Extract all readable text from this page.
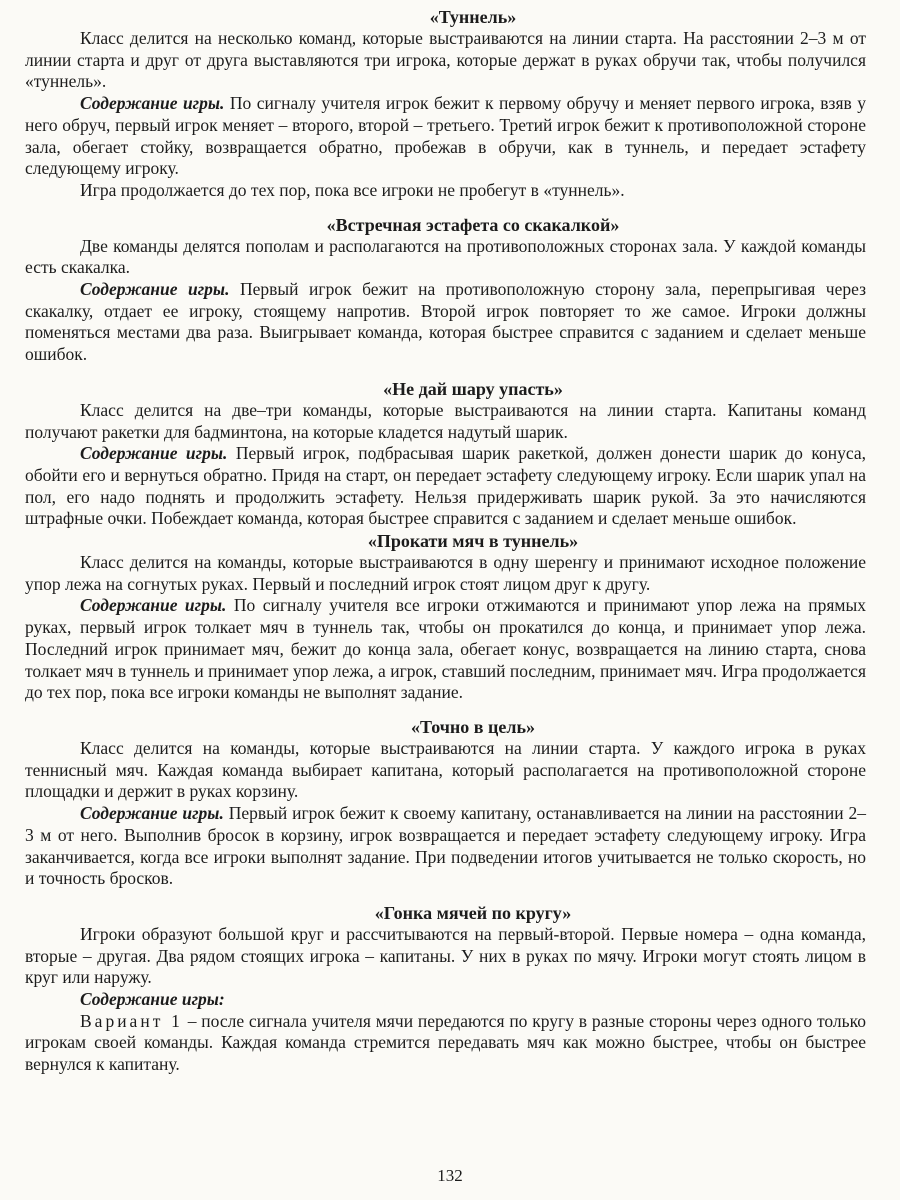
«Туннель»

Класс делится на несколько команд, которые выстраиваются на линии старта. На расстоянии 2–3 м от линии старта и друг от друга выставляются три игрока, которые держат в руках обручи так, чтобы получился «туннель».

Содержание игры. По сигналу учителя игрок бежит к первому обручу и меняет первого игрока, взяв у него обруч, первый игрок меняет – второго, второй – третьего. Третий игрок бежит к противоположной стороне зала, обегает стойку, возвращается обратно, пробежав в обручи, как в туннель, и передает эстафету следующему игроку.

Игра продолжается до тех пор, пока все игроки не пробегут в «туннель».

«Встречная эстафета со скакалкой»

Две команды делятся пополам и располагаются на противоположных сторонах зала. У каждой команды есть скакалка.

Содержание игры. Первый игрок бежит на противоположную сторону зала, перепрыгивая через скакалку, отдает ее игроку, стоящему напротив. Второй игрок повторяет то же самое. Игроки должны поменяться местами два раза. Выигрывает команда, которая быстрее справится с заданием и сделает меньше ошибок.

«Не дай шару упасть»

Класс делится на две–три команды, которые выстраиваются на линии старта. Капитаны команд получают ракетки для бадминтона, на которые кладется надутый шарик.

Содержание игры. Первый игрок, подбрасывая шарик ракеткой, должен донести шарик до конуса, обойти его и вернуться обратно. Придя на старт, он передает эстафету следующему игроку. Если шарик упал на пол, его надо поднять и продолжить эстафету. Нельзя придерживать шарик рукой. За это начисляются штрафные очки. Побеждает команда, которая быстрее справится с заданием и сделает меньше ошибок.

«Прокати мяч в туннель»

Класс делится на команды, которые выстраиваются в одну шеренгу и принимают исходное положение упор лежа на согнутых руках. Первый и последний игрок стоят лицом друг к другу.

Содержание игры. По сигналу учителя все игроки отжимаются и принимают упор лежа на прямых руках, первый игрок толкает мяч в туннель так, чтобы он прокатился до конца, и принимает упор лежа. Последний игрок принимает мяч, бежит до конца зала, обегает конус, возвращается на линию старта, снова толкает мяч в туннель и принимает упор лежа, а игрок, ставший последним, принимает мяч. Игра продолжается до тех пор, пока все игроки команды не выполнят задание.

«Точно в цель»

Класс делится на команды, которые выстраиваются на линии старта. У каждого игрока в руках теннисный мяч. Каждая команда выбирает капитана, который располагается на противоположной стороне площадки и держит в руках корзину.

Содержание игры. Первый игрок бежит к своему капитану, останавливается на линии на расстоянии 2–3 м от него. Выполнив бросок в корзину, игрок возвращается и передает эстафету следующему игроку. Игра заканчивается, когда все игроки выполнят задание. При подведении итогов учитывается не только скорость, но и точность бросков.

«Гонка мячей по кругу»

Игроки образуют большой круг и рассчитываются на первый-второй. Первые номера – одна команда, вторые – другая. Два рядом стоящих игрока – капитаны. У них в руках по мячу. Игроки могут стоять лицом в круг или наружу.

Содержание игры:

Вариант 1 – после сигнала учителя мячи передаются по кругу в разные стороны через одного только игрокам своей команды. Каждая команда стремится передавать мяч как можно быстрее, чтобы он быстрее вернулся к капитану.

132
